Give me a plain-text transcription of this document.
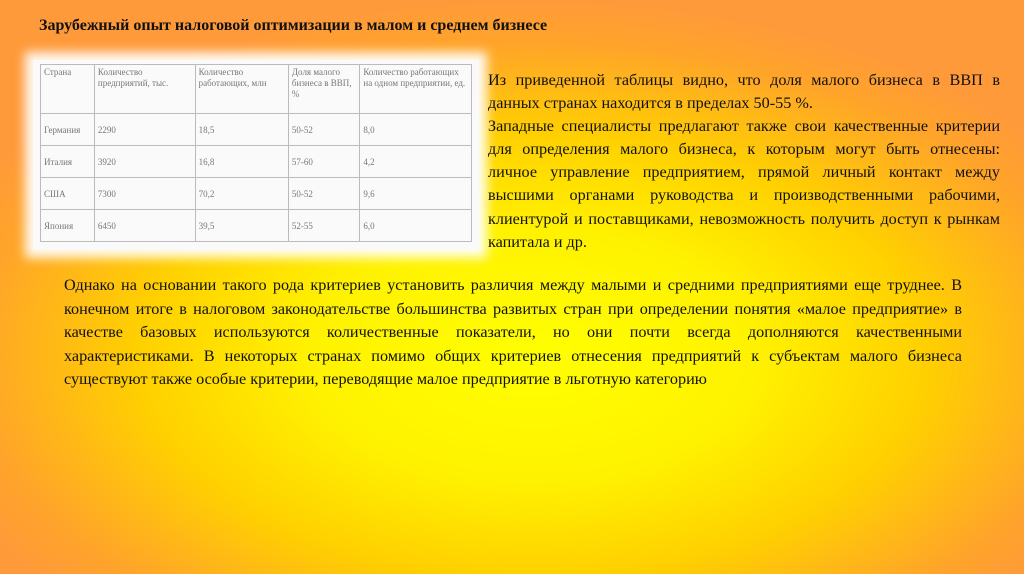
Зарубежный опыт налоговой оптимизации в малом и среднем бизнесе
Страна	Количество предприятий, тыс.	Количество работающих, млн	Доля малого бизнеса в ВВП, %	Количество работающих на одном предприятии, ед.
Германия	2290	18,5	50-52	8,0
Италия	3920	16,8	57-60	4,2
США	7300	70,2	50-52	9,6
Япония	6450	39,5	52-55	6,0

Из приведенной таблицы видно, что доля малого бизнеса в ВВП в данных странах находится в пределах 50-55 %.

Западные специалисты предлагают также свои качественные критерии для определения малого бизнеса, к которым могут быть отнесены: личное управление предприятием, прямой личный контакт между высшими органами руководства и производственными рабочими, клиентурой и поставщиками, невозможность получить доступ к рынкам капитала и др.

Однако на основании такого рода критериев установить различия между малыми и средними предприятиями еще труднее. В конечном итоге в налоговом законодательстве большинства развитых стран при определении понятия «малое предприятие» в качестве базовых используются количественные показатели, но они почти всегда дополняются качественными характеристиками. В некоторых странах помимо общих критериев отнесения предприятий к субъектам малого бизнеса существуют также особые критерии, переводящие малое предприятие в льготную категорию
